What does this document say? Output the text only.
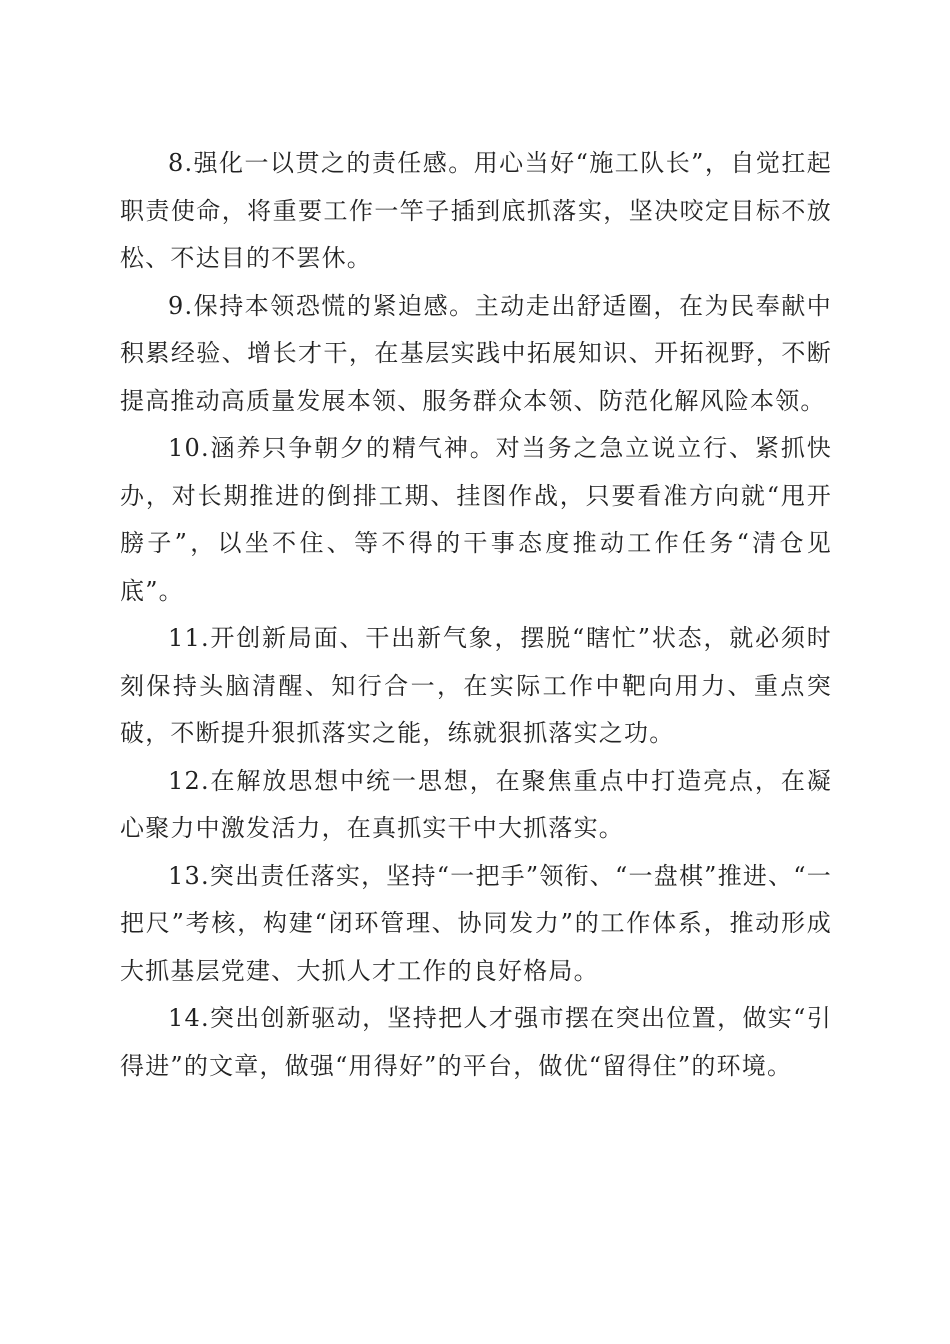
8.强化一以贯之的责任感。用心当好“施工队长”，自觉扛起职责使命，将重要工作一竿子插到底抓落实，坚决咬定目标不放松、不达目的不罢休。

9.保持本领恐慌的紧迫感。主动走出舒适圈，在为民奉献中积累经验、增长才干，在基层实践中拓展知识、开拓视野，不断提高推动高质量发展本领、服务群众本领、防范化解风险本领。

10.涵养只争朝夕的精气神。对当务之急立说立行、紧抓快办，对长期推进的倒排工期、挂图作战，只要看准方向就“甩开膀子”，以坐不住、等不得的干事态度推动工作任务“清仓见底”。

11.开创新局面、干出新气象，摆脱“瞎忙”状态，就必须时刻保持头脑清醒、知行合一，在实际工作中靶向用力、重点突破，不断提升狠抓落实之能，练就狠抓落实之功。

12.在解放思想中统一思想，在聚焦重点中打造亮点，在凝心聚力中激发活力，在真抓实干中大抓落实。

13.突出责任落实，坚持“一把手”领衔、“一盘棋”推进、“一把尺”考核，构建“闭环管理、协同发力”的工作体系，推动形成大抓基层党建、大抓人才工作的良好格局。

14.突出创新驱动，坚持把人才强市摆在突出位置，做实“引得进”的文章，做强“用得好”的平台，做优“留得住”的环境。
